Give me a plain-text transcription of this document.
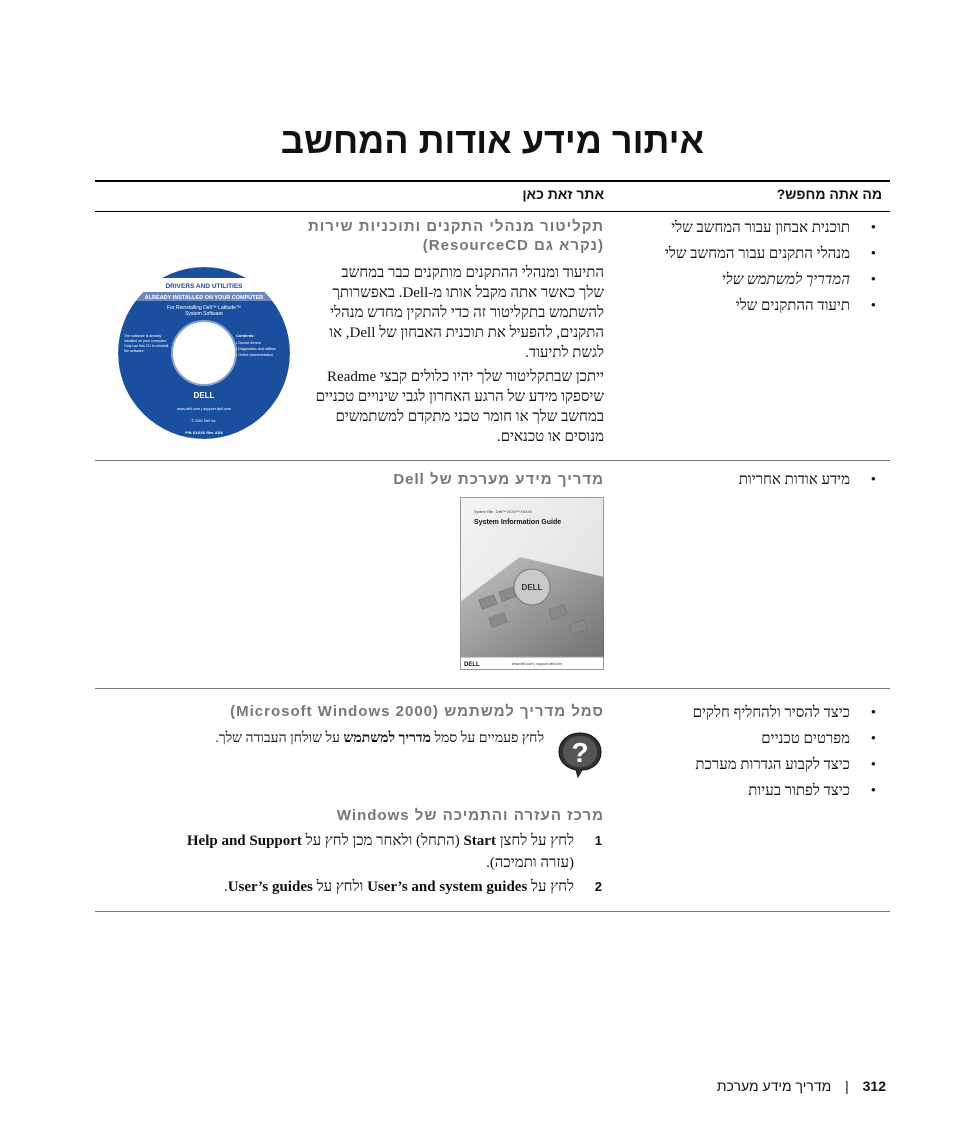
איתור מידע אודות המחשב
מה אתה מחפש?
אתר זאת כאן
•
תוכנית אבחון עבור המחשב שלי
•
מנהלי התקנים עבור המחשב שלי
•
המדריך למשתמש שלי
•
תיעוד ההתקנים שלי
תקליטור מנהלי התקנים ותוכניות שירות
(נקרא גם ResourceCD)
DRIVERS AND UTILITIES
ALREADY INSTALLED ON YOUR COMPUTER
For Reinstalling Dell™ Latitude™
System Software
The software is already installed on your computer. Only use this CD to reinstall the software.
Contents:
• Device drivers
• Diagnostics and utilities
• Online documentation
DELL
www.dell.com | support.dell.com
© 2004 Dell Inc.
P/N XXXXX Rev. AXX
התיעוד ומנהלי ההתקנים מותקנים כבר במחשב
שלך כאשר אתה מקבל אותו מ-Dell. באפשרותך
להשתמש בתקליטור זה כדי להתקין מחדש מנהלי
התקנים, להפעיל את תוכנית האבחון של Dell, או
לגשת לתיעוד.
ייתכן שבתקליטור שלך יהיו כלולים קבצי Readme
שיספקו מידע של הרגע האחרון לגבי שינויים טכניים
במחשב שלך או חומר טכני מתקדם למשתמשים
מנוסים או טכנאים.
•
מידע אודות אחריות
מדריך מידע מערכת של Dell
System Title - Dell™ XXXX™ XXXXX
System Information Guide
DELL
DELL	www.dell.com | support.dell.com
•
כיצד להסיר ולהחליף חלקים
•
מפרטים טכניים
•
כיצד לקבוע הגדרות מערכת
•
כיצד לפתור בעיות
סמל מדריך למשתמש (Microsoft Windows 2000)
?
לחץ פעמיים על סמל מדריך למשתמש על שולחן העבודה שלך.
מרכז העזרה והתמיכה של Windows
1
לחץ על לחצן Start (התחל) ולאחר מכן לחץ על Help and Support
(עזרה ותמיכה).
2
לחץ על User’s and system guides ולחץ על User’s guides.
312 | מדריך מידע מערכת
